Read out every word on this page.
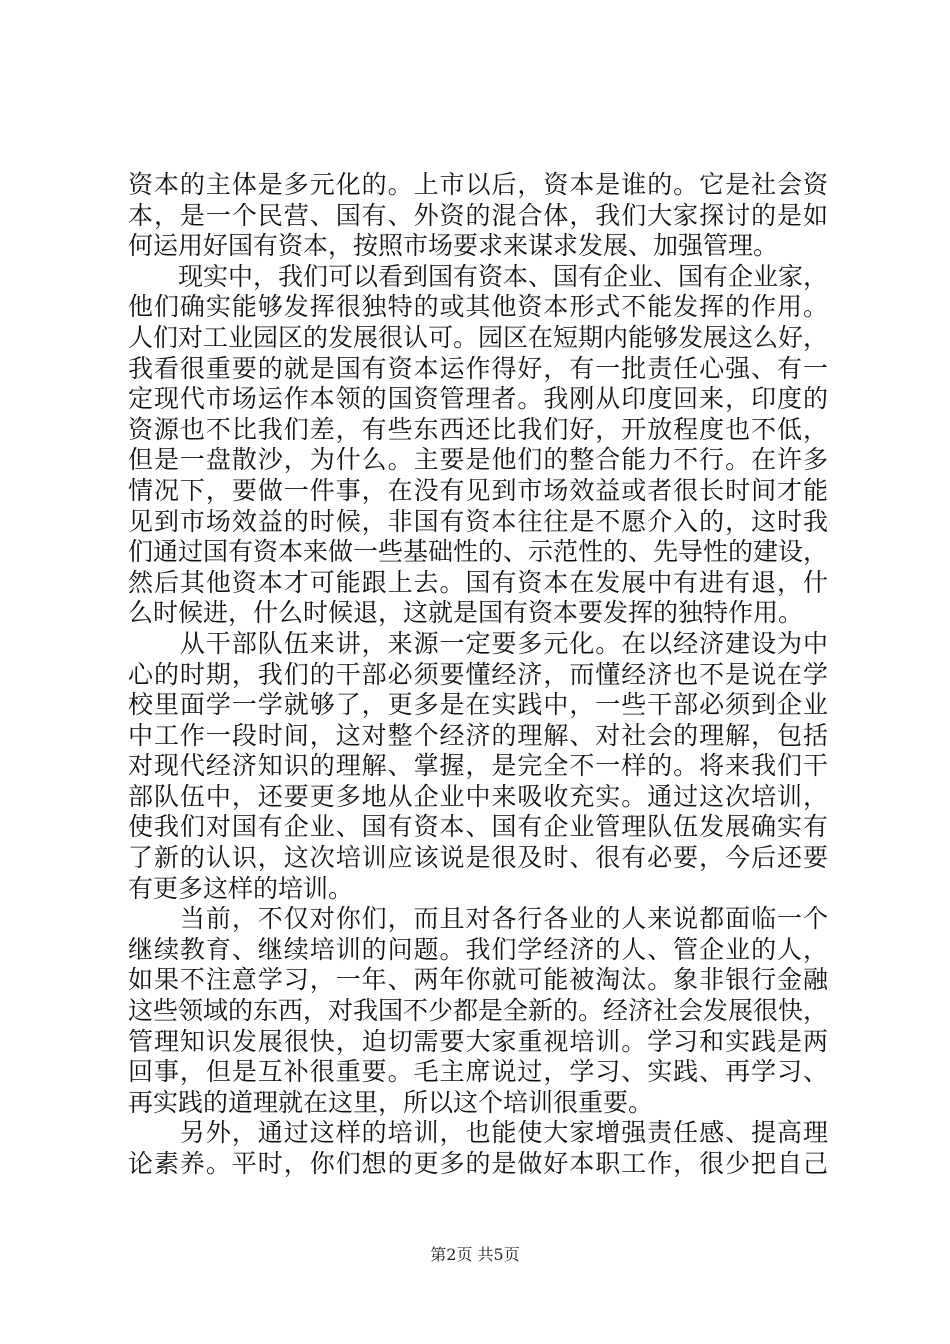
资本的主体是多元化的。上市以后，资本是谁的。它是社会资
本，是一个民营、国有、外资的混合体，我们大家探讨的是如
何运用好国有资本，按照市场要求来谋求发展、加强管理。
　　现实中，我们可以看到国有资本、国有企业、国有企业家，
他们确实能够发挥很独特的或其他资本形式不能发挥的作用。
人们对工业园区的发展很认可。园区在短期内能够发展这么好，
我看很重要的就是国有资本运作得好，有一批责任心强、有一
定现代市场运作本领的国资管理者。我刚从印度回来，印度的
资源也不比我们差，有些东西还比我们好，开放程度也不低，
但是一盘散沙，为什么。主要是他们的整合能力不行。在许多
情况下，要做一件事，在没有见到市场效益或者很长时间才能
见到市场效益的时候，非国有资本往往是不愿介入的，这时我
们通过国有资本来做一些基础性的、示范性的、先导性的建设，
然后其他资本才可能跟上去。国有资本在发展中有进有退，什
么时候进，什么时候退，这就是国有资本要发挥的独特作用。
　　从干部队伍来讲，来源一定要多元化。在以经济建设为中
心的时期，我们的干部必须要懂经济，而懂经济也不是说在学
校里面学一学就够了，更多是在实践中，一些干部必须到企业
中工作一段时间，这对整个经济的理解、对社会的理解，包括
对现代经济知识的理解、掌握，是完全不一样的。将来我们干
部队伍中，还要更多地从企业中来吸收充实。通过这次培训，
使我们对国有企业、国有资本、国有企业管理队伍发展确实有
了新的认识，这次培训应该说是很及时、很有必要，今后还要
有更多这样的培训。
　　当前，不仅对你们，而且对各行各业的人来说都面临一个
继续教育、继续培训的问题。我们学经济的人、管企业的人，
如果不注意学习，一年、两年你就可能被淘汰。象非银行金融
这些领域的东西，对我国不少都是全新的。经济社会发展很快，
管理知识发展很快，迫切需要大家重视培训。学习和实践是两
回事，但是互补很重要。毛主席说过，学习、实践、再学习、
再实践的道理就在这里，所以这个培训很重要。
　　另外，通过这样的培训，也能使大家增强责任感、提高理
论素养。平时，你们想的更多的是做好本职工作，很少把自己
第2页 共5页
